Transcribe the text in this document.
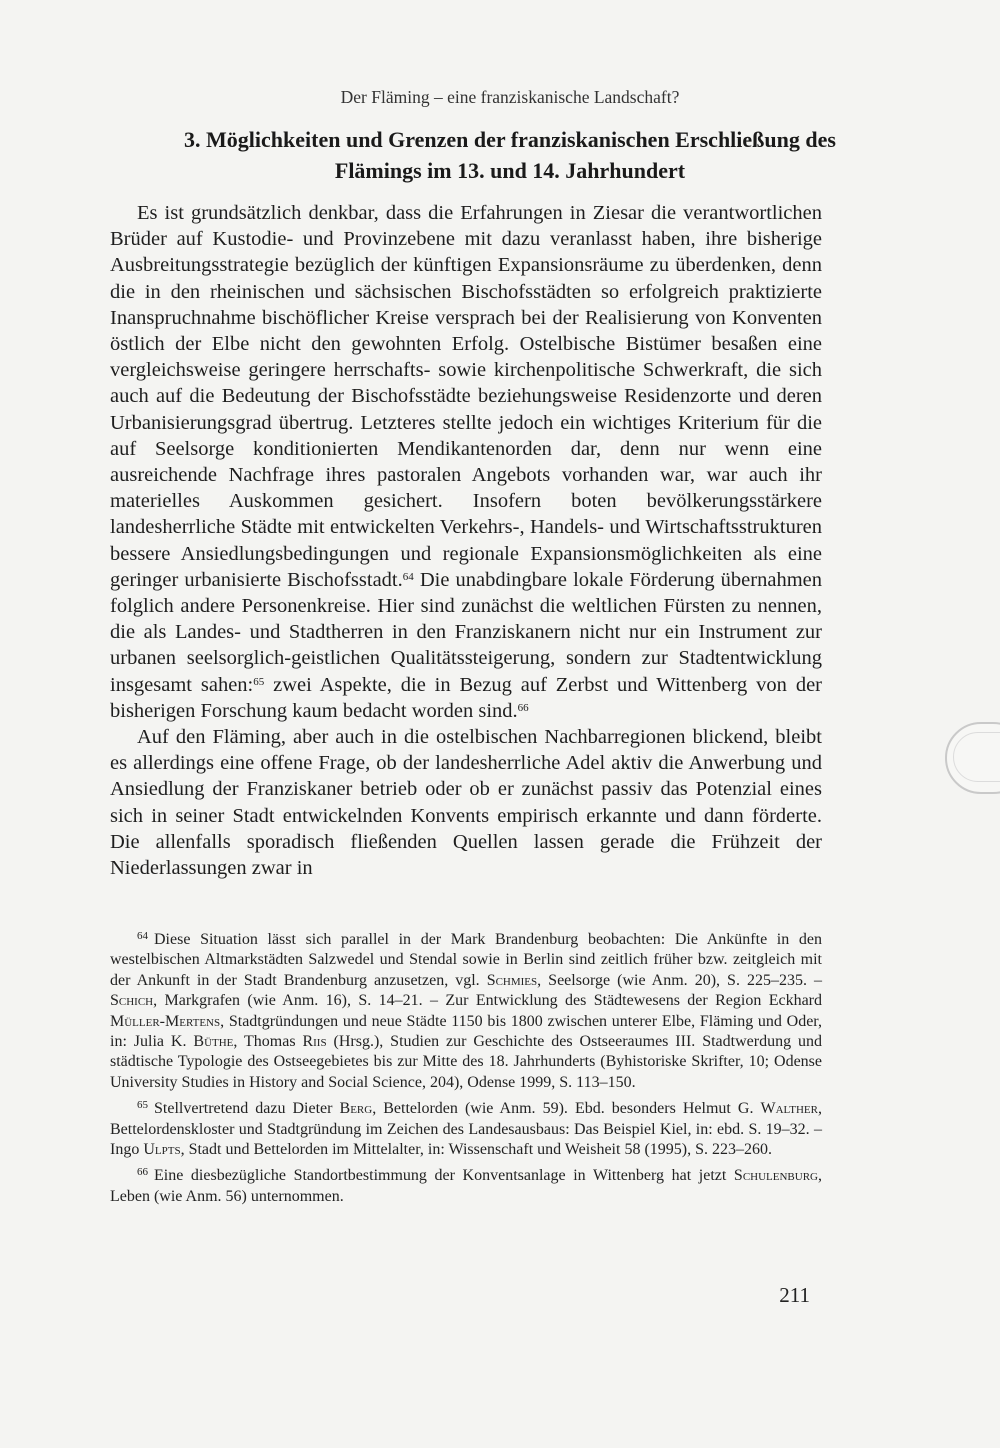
Der Fläming – eine franziskanische Landschaft?
3. Möglichkeiten und Grenzen der franziskanischen Erschließung des
Flämings im 13. und 14. Jahrhundert

Es ist grundsätzlich denkbar, dass die Erfahrungen in Ziesar die verantwortlichen Brüder auf Kustodie- und Provinzebene mit dazu veranlasst haben, ihre bisherige Ausbreitungsstrategie bezüglich der künftigen Expansionsräume zu überdenken, denn die in den rheinischen und sächsischen Bischofsstädten so erfolgreich praktizierte Inanspruchnahme bischöflicher Kreise versprach bei der Realisierung von Konventen östlich der Elbe nicht den gewohnten Erfolg. Ostelbische Bistümer besaßen eine vergleichsweise geringere herrschafts- sowie kirchenpolitische Schwerkraft, die sich auch auf die Bedeutung der Bischofsstädte beziehungsweise Residenzorte und deren Urbanisierungsgrad übertrug. Letzteres stellte jedoch ein wichtiges Kriterium für die auf Seelsorge konditionierten Mendikantenorden dar, denn nur wenn eine ausreichende Nachfrage ihres pastoralen Angebots vorhanden war, war auch ihr materielles Auskommen gesichert. Insofern boten bevölkerungsstärkere landesherrliche Städte mit entwickelten Verkehrs-, Handels- und Wirtschaftsstrukturen bessere Ansiedlungsbedingungen und regionale Expansionsmöglichkeiten als eine geringer urbanisierte Bischofsstadt.$^{64}$ Die unabdingbare lokale Förderung übernahmen folglich andere Personenkreise. Hier sind zunächst die weltlichen Fürsten zu nennen, die als Landes- und Stadtherren in den Franziskanern nicht nur ein Instrument zur urbanen seelsorglich-geistlichen Qualitätssteigerung, sondern zur Stadtentwicklung insgesamt sahen:$^{65}$ zwei Aspekte, die in Bezug auf Zerbst und Wittenberg von der bisherigen Forschung kaum bedacht worden sind.$^{66}$

Auf den Fläming, aber auch in die ostelbischen Nachbarregionen blickend, bleibt es allerdings eine offene Frage, ob der landesherrliche Adel aktiv die Anwerbung und Ansiedlung der Franziskaner betrieb oder ob er zunächst passiv das Potenzial eines sich in seiner Stadt entwickelnden Konvents empirisch erkannte und dann förderte. Die allenfalls sporadisch fließenden Quellen lassen gerade die Frühzeit der Niederlassungen zwar in

$^{64}$ Diese Situation lässt sich parallel in der Mark Brandenburg beobachten: Die Ankünfte in den westelbischen Altmarkstädten Salzwedel und Stendal sowie in Berlin sind zeitlich früher bzw. zeitgleich mit der Ankunft in der Stadt Brandenburg anzusetzen, vgl. Schmies, Seelsorge (wie Anm. 20), S. 225–235. – Schich, Markgrafen (wie Anm. 16), S. 14–21. – Zur Entwicklung des Städtewesens der Region Eckhard Müller-Mertens, Stadtgründungen und neue Städte 1150 bis 1800 zwischen unterer Elbe, Fläming und Oder, in: Julia K. Büthe, Thomas Riis (Hrsg.), Studien zur Geschichte des Ostseeraumes III. Stadtwerdung und städtische Typologie des Ostseegebietes bis zur Mitte des 18. Jahrhunderts (Byhistoriske Skrifter, 10; Odense University Studies in History and Social Science, 204), Odense 1999, S. 113–150.

$^{65}$ Stellvertretend dazu Dieter Berg, Bettelorden (wie Anm. 59). Ebd. besonders Helmut G. Walther, Bettelordenskloster und Stadtgründung im Zeichen des Landesausbaus: Das Beispiel Kiel, in: ebd. S. 19–32. – Ingo Ulpts, Stadt und Bettelorden im Mittelalter, in: Wissenschaft und Weisheit 58 (1995), S. 223–260.

$^{66}$ Eine diesbezügliche Standortbestimmung der Konventsanlage in Wittenberg hat jetzt Schulenburg, Leben (wie Anm. 56) unternommen.

211
